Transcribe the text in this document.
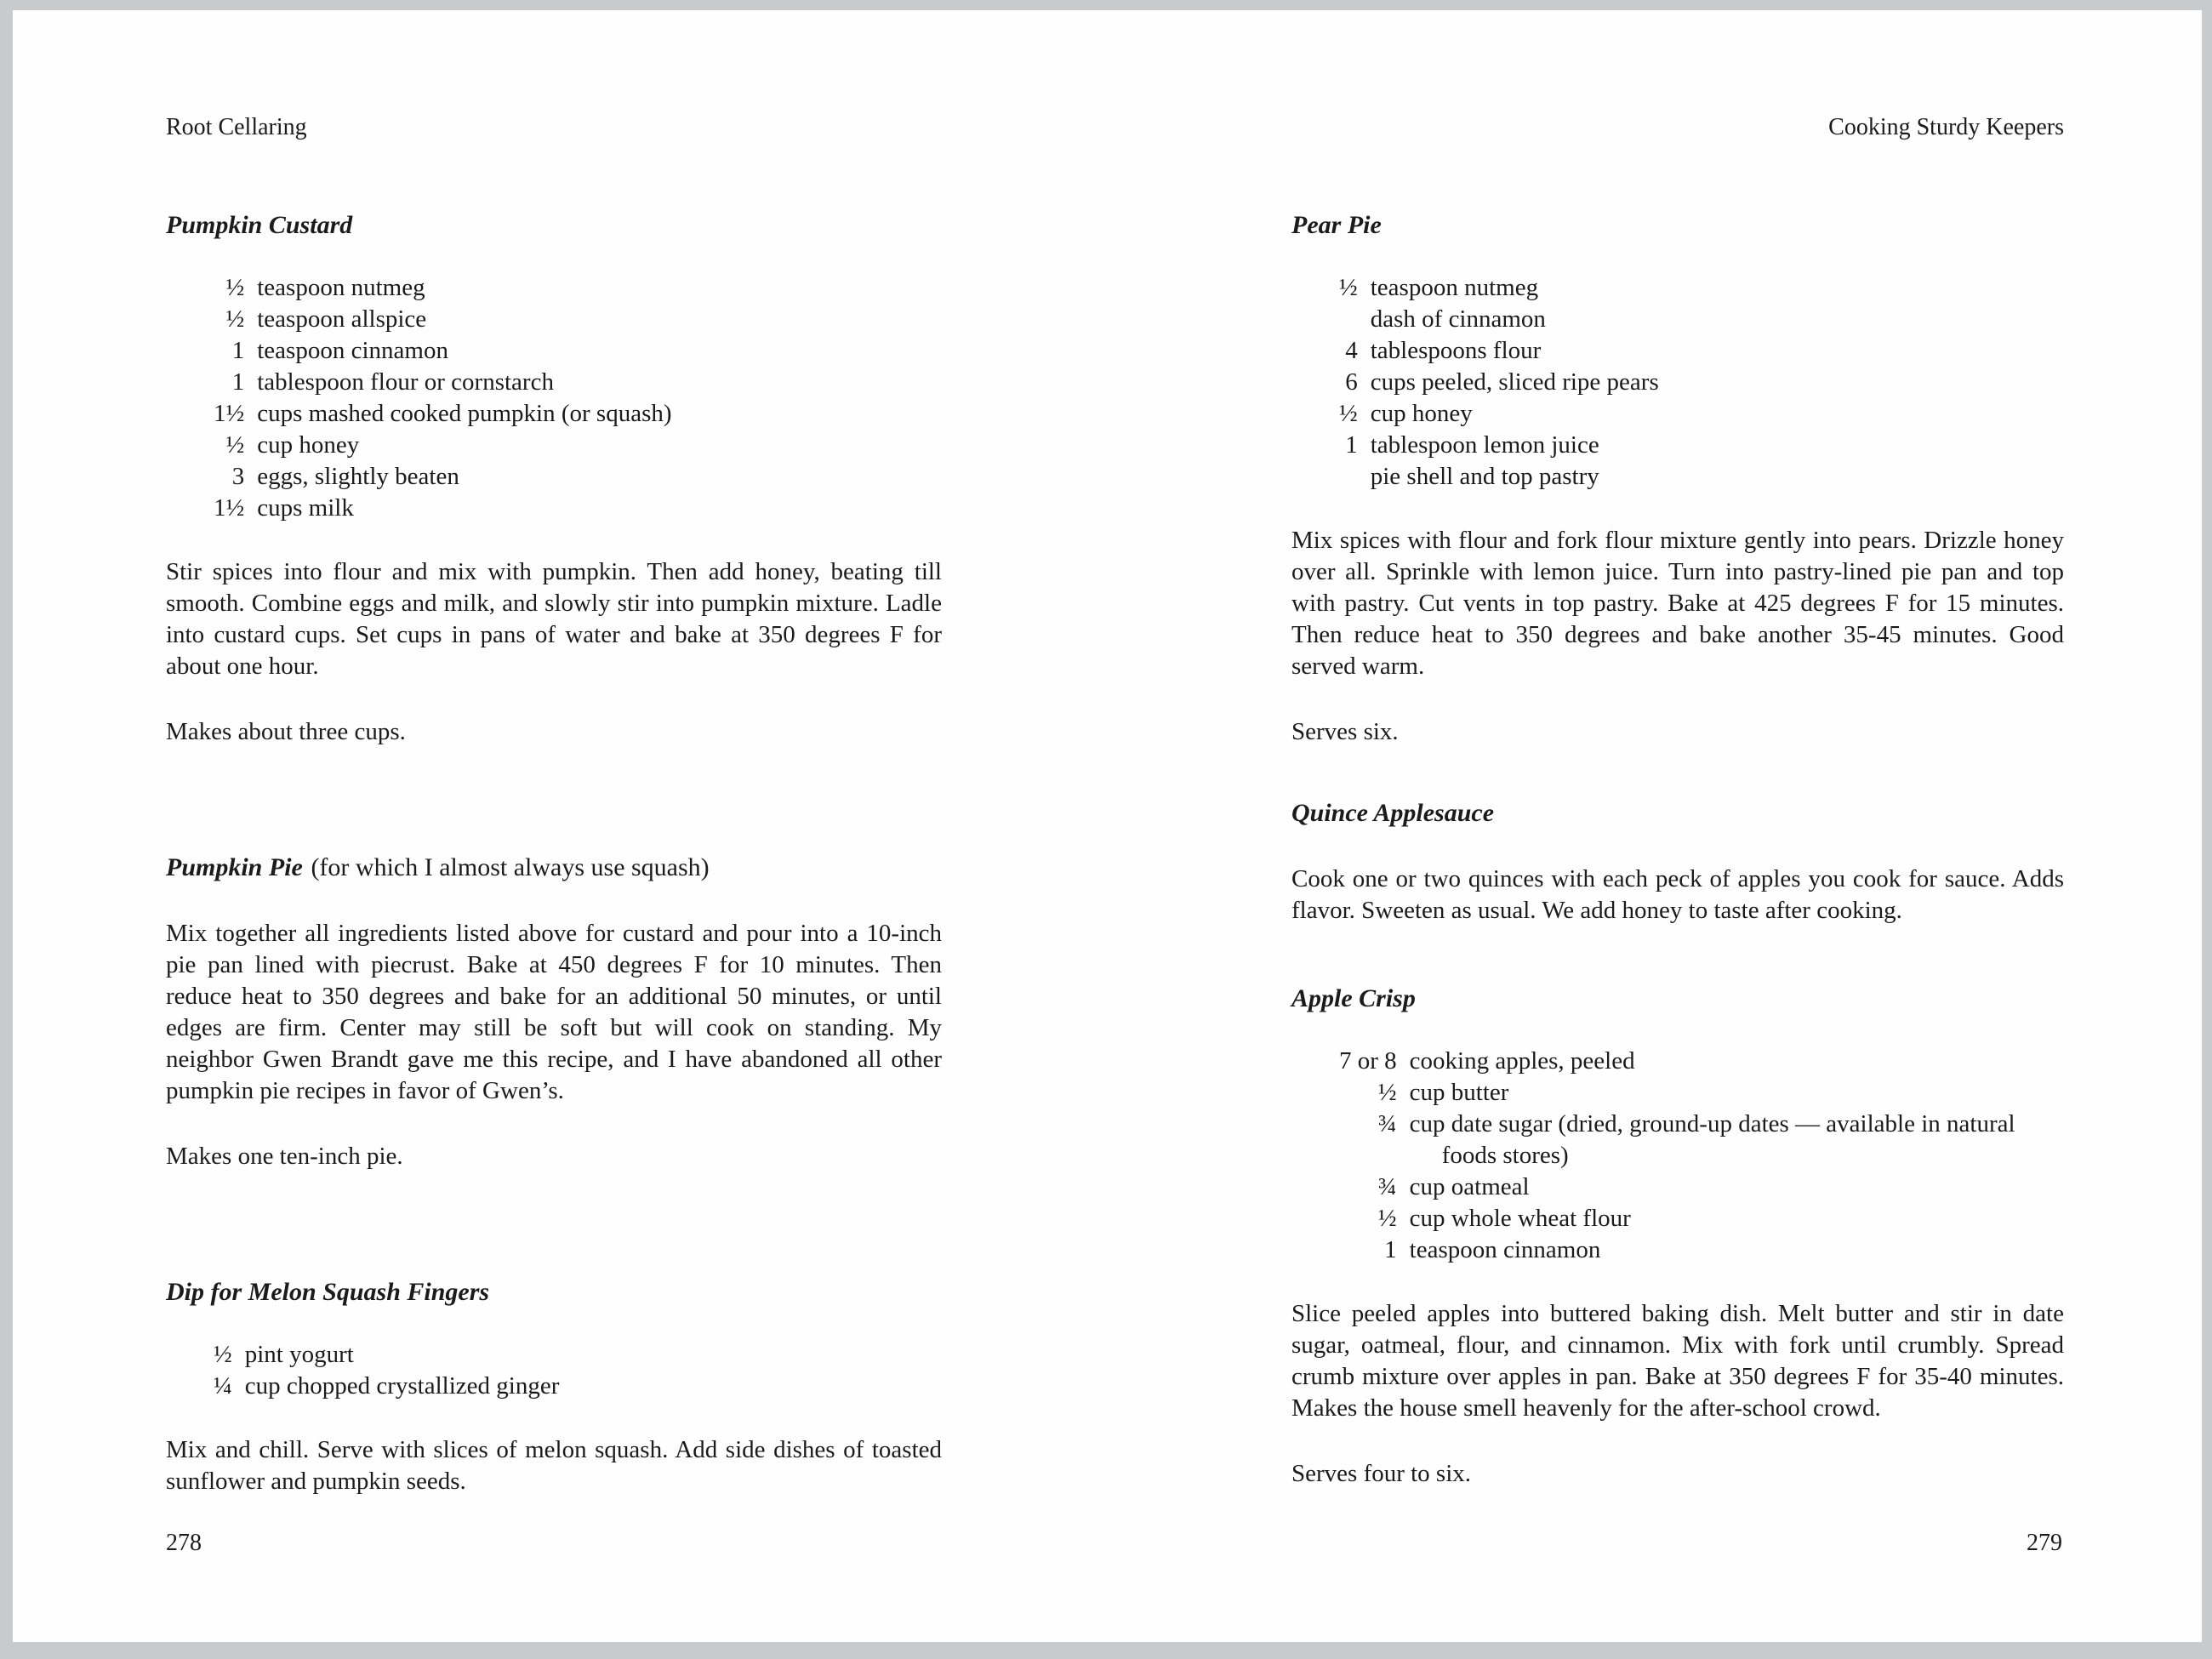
Root Cellaring
Pumpkin Custard
½ teaspoon nutmeg
½ teaspoon allspice
1 teaspoon cinnamon
1 tablespoon flour or cornstarch
1½ cups mashed cooked pumpkin (or squash)
½ cup honey
3 eggs, slightly beaten
1½ cups milk

Stir spices into flour and mix with pumpkin. Then add honey, beating till smooth. Combine eggs and milk, and slowly stir into pumpkin mixture. Ladle into custard cups. Set cups in pans of water and bake at 350 degrees F for about one hour.

Makes about three cups.

Pumpkin Pie (for which I almost always use squash)

Mix together all ingredients listed above for custard and pour into a 10-inch pie pan lined with piecrust. Bake at 450 degrees F for 10 minutes. Then reduce heat to 350 degrees and bake for an additional 50 minutes, or until edges are firm. Center may still be soft but will cook on standing. My neighbor Gwen Brandt gave me this recipe, and I have abandoned all other pumpkin pie recipes in favor of Gwen’s.

Makes one ten-inch pie.

Dip for Melon Squash Fingers
½ pint yogurt
¼ cup chopped crystallized ginger

Mix and chill. Serve with slices of melon squash. Add side dishes of toasted sunflower and pumpkin seeds.

278
Cooking Sturdy Keepers
Pear Pie
½ teaspoon nutmeg
dash of cinnamon
4 tablespoons flour
6 cups peeled, sliced ripe pears
½ cup honey
1 tablespoon lemon juice
pie shell and top pastry

Mix spices with flour and fork flour mixture gently into pears. Drizzle honey over all. Sprinkle with lemon juice. Turn into pastry-lined pie pan and top with pastry. Cut vents in top pastry. Bake at 425 degrees F for 15 minutes. Then reduce heat to 350 degrees and bake another 35-45 minutes. Good served warm.

Serves six.

Quince Applesauce

Cook one or two quinces with each peck of apples you cook for sauce. Adds flavor. Sweeten as usual. We add honey to taste after cooking.

Apple Crisp
7 or 8 cooking apples, peeled
½ cup butter
¾ cup date sugar (dried, ground-up dates — available in natural foods stores)
¾ cup oatmeal
½ cup whole wheat flour
1 teaspoon cinnamon

Slice peeled apples into buttered baking dish. Melt butter and stir in date sugar, oatmeal, flour, and cinnamon. Mix with fork until crumbly. Spread crumb mixture over apples in pan. Bake at 350 degrees F for 35-40 minutes. Makes the house smell heavenly for the after-school crowd.

Serves four to six.

279
